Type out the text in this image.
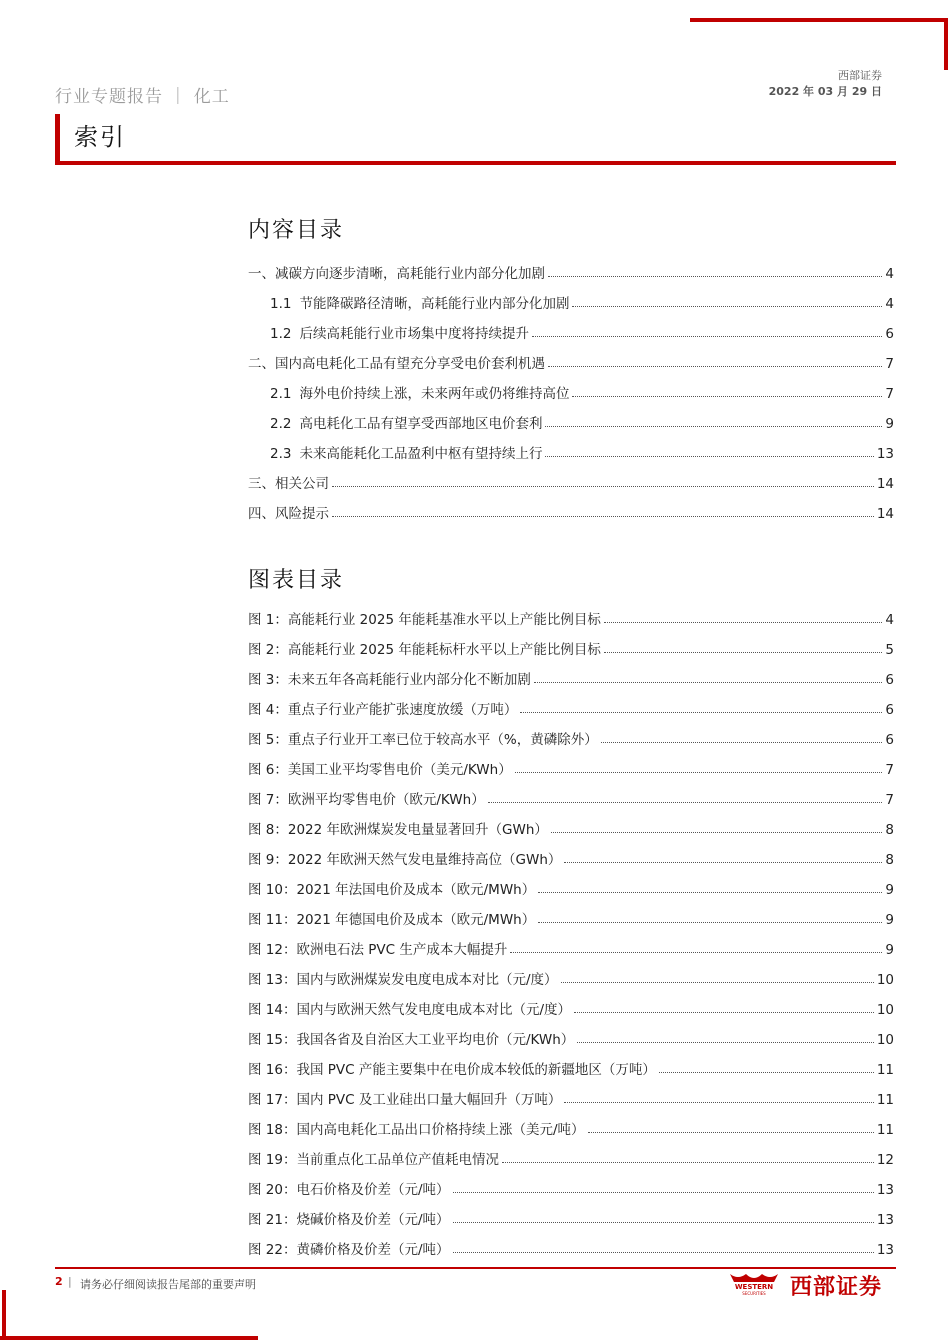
行业专题报告 ｜ 化工
西部证券
2022 年 03 月 29 日
索引
内容目录
一、减碳方向逐步清晰，高耗能行业内部分化加剧	4
1.1 节能降碳路径清晰，高耗能行业内部分化加剧	4
1.2 后续高耗能行业市场集中度将持续提升	6
二、国内高电耗化工品有望充分享受电价套利机遇	7
2.1 海外电价持续上涨，未来两年或仍将维持高位	7
2.2 高电耗化工品有望享受西部地区电价套利	9
2.3 未来高能耗化工品盈利中枢有望持续上行	13
三、相关公司	14
四、风险提示	14
图表目录
图 1：高能耗行业 2025 年能耗基准水平以上产能比例目标	4
图 2：高能耗行业 2025 年能耗标杆水平以上产能比例目标	5
图 3：未来五年各高耗能行业内部分化不断加剧	6
图 4：重点子行业产能扩张速度放缓（万吨）	6
图 5：重点子行业开工率已位于较高水平（%，黄磷除外）	6
图 6：美国工业平均零售电价（美元/KWh）	7
图 7：欧洲平均零售电价（欧元/KWh）	7
图 8：2022 年欧洲煤炭发电量显著回升（GWh）	8
图 9：2022 年欧洲天然气发电量维持高位（GWh）	8
图 10：2021 年法国电价及成本（欧元/MWh）	9
图 11：2021 年德国电价及成本（欧元/MWh）	9
图 12：欧洲电石法 PVC 生产成本大幅提升	9
图 13：国内与欧洲煤炭发电度电成本对比（元/度）	10
图 14：国内与欧洲天然气发电度电成本对比（元/度）	10
图 15：我国各省及自治区大工业平均电价（元/KWh）	10
图 16：我国 PVC 产能主要集中在电价成本较低的新疆地区（万吨）	11
图 17：国内 PVC 及工业硅出口量大幅回升（万吨）	11
图 18：国内高电耗化工品出口价格持续上涨（美元/吨）	11
图 19：当前重点化工品单位产值耗电情况	12
图 20：电石价格及价差（元/吨）	13
图 21：烧碱价格及价差（元/吨）	13
图 22：黄磷价格及价差（元/吨）	13
2 | 请务必仔细阅读报告尾部的重要声明	WESTERN
SECURITIES 西部证券
